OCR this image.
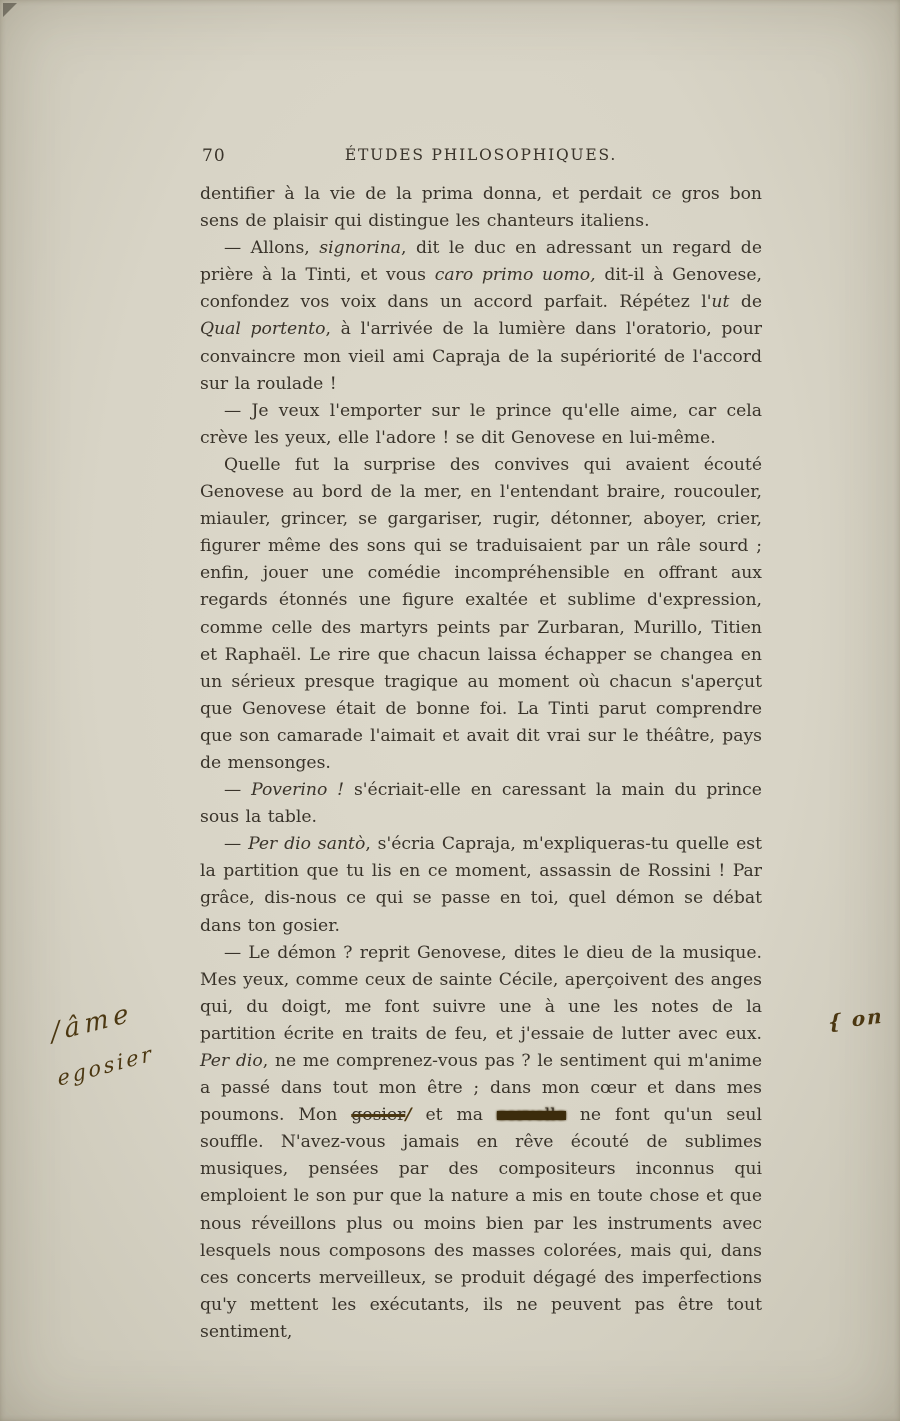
70	ÉTUDES PHILOSOPHIQUES.

dentifier à la vie de la prima donna, et perdait ce gros bon sens de plaisir qui distingue les chanteurs italiens.

— Allons, signorina, dit le duc en adressant un regard de prière à la Tinti, et vous caro primo uomo, dit-il à Genovese, confondez vos voix dans un accord parfait. Répétez l'ut de Qual portento, à l'arrivée de la lumière dans l'oratorio, pour convaincre mon vieil ami Capraja de la supériorité de l'accord sur la roulade !

— Je veux l'emporter sur le prince qu'elle aime, car cela crève les yeux, elle l'adore ! se dit Genovese en lui-même.

Quelle fut la surprise des convives qui avaient écouté Genovese au bord de la mer, en l'entendant braire, roucouler, miauler, grincer, se gargariser, rugir, détonner, aboyer, crier, figurer même des sons qui se traduisaient par un râle sourd ; enfin, jouer une comédie incompréhensible en offrant aux regards étonnés une figure exaltée et sublime d'expression, comme celle des martyrs peints par Zurbaran, Murillo, Titien et Raphaël. Le rire que chacun laissa échapper se changea en un sérieux presque tragique au moment où chacun s'aperçut que Genovese était de bonne foi. La Tinti parut comprendre que son camarade l'aimait et avait dit vrai sur le théâtre, pays de mensonges.

— Poverino ! s'écriait-elle en caressant la main du prince sous la table.

— Per dio santò, s'écria Capraja, m'expliqueras-tu quelle est la partition que tu lis en ce moment, assassin de Rossini ! Par grâce, dis-nous ce qui se passe en toi, quel démon se débat dans ton gosier.

— Le démon ? reprit Genovese, dites le dieu de la musique. Mes yeux, comme ceux de sainte Cécile, aperçoivent des anges qui, du doigt, me font suivre une à une les notes de la partition écrite en traits de feu, et j'essaie de lutter avec eux. Per dio, ne me comprenez-vous pas ? le sentiment qui m'anime a passé dans tout mon être ; dans mon cœur et dans mes poumons. Mon gosier/ et ma cervelle ne font qu'un seul souffle. N'avez-vous jamais en rêve écouté de sublimes musiques, pensées par des compositeurs inconnus qui emploient le son pur que la nature a mis en toute chose et que nous réveillons plus ou moins bien par les instruments avec lesquels nous composons des masses colorées, mais qui, dans ces concerts merveilleux, se produit dégagé des imperfections qu'y mettent les exécutants, ils ne peuvent pas être tout sentiment,

/âme
egosier
{ on
